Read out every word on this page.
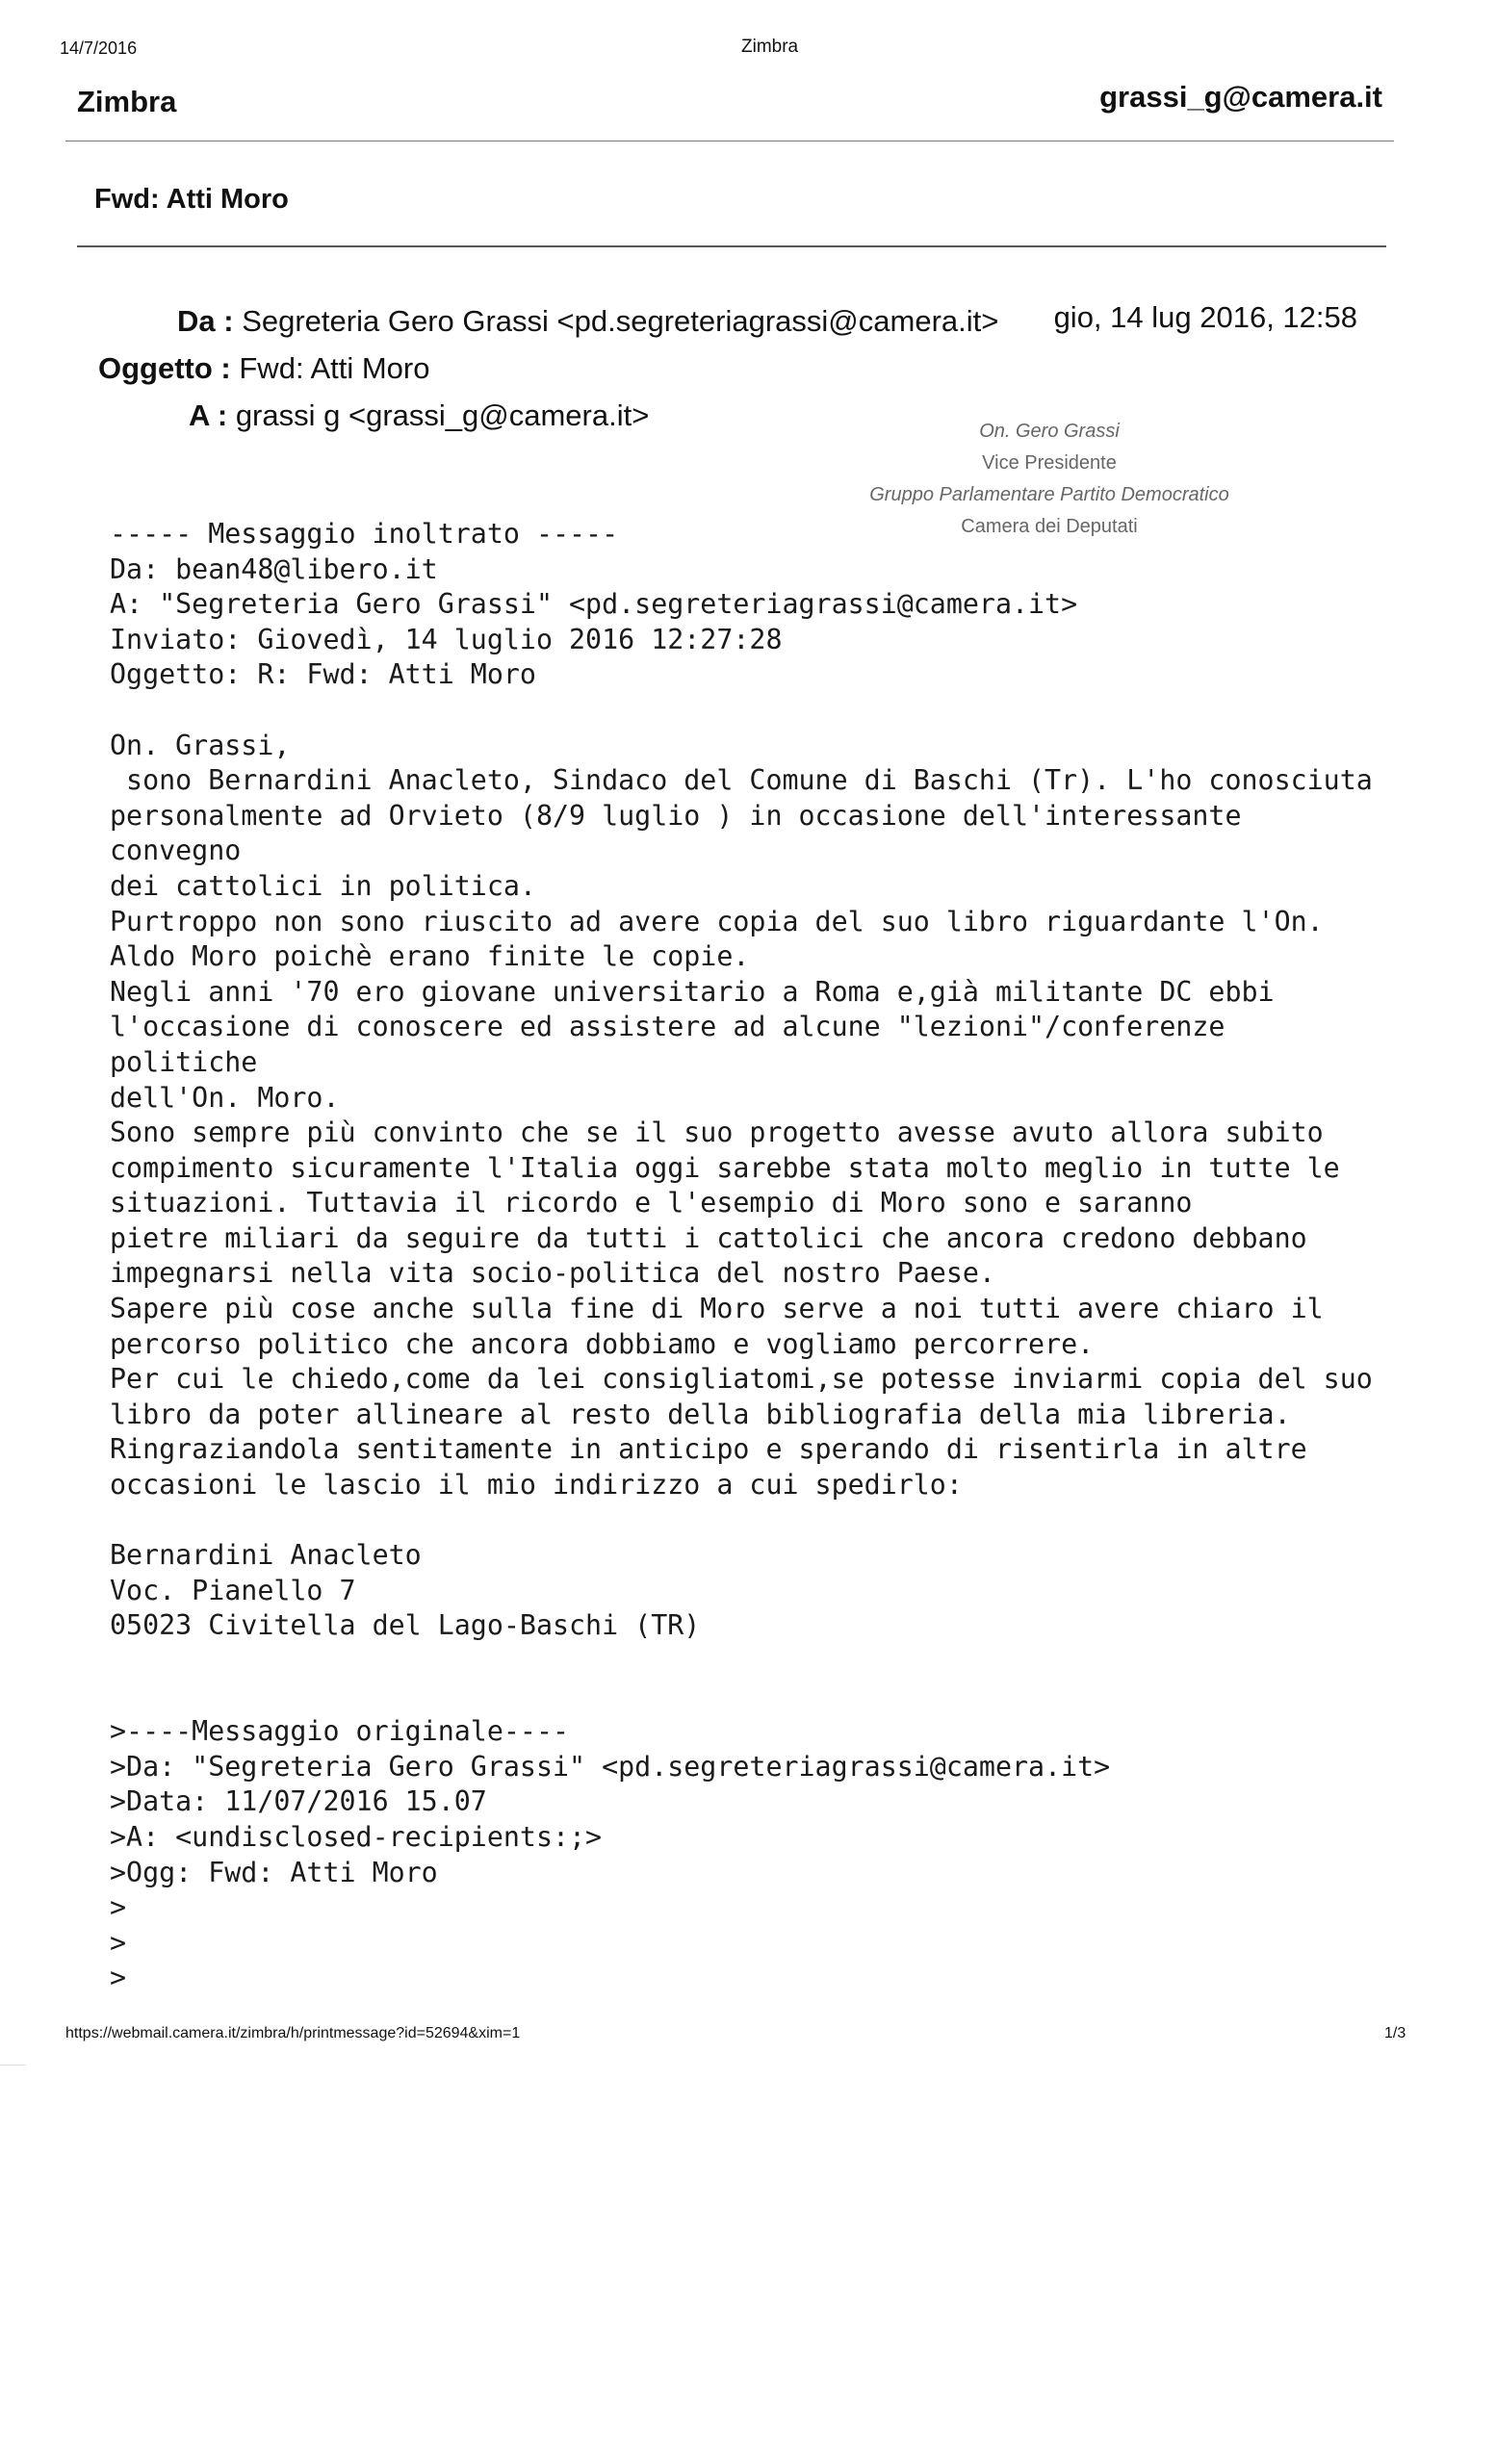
14/7/2016	Zimbra
Zimbra	grassi_g@camera.it
Fwd: Atti Moro
Da : Segreteria Gero Grassi <pd.segreteriagrassi@camera.it> gio, 14 lug 2016, 12:58
Oggetto : Fwd: Atti Moro
A : grassi g <grassi_g@camera.it>	On. Gero Grassi
Vice Presidente
Gruppo Parlamentare Partito Democratico
Camera dei Deputati
----- Messaggio inoltrato -----
Da: bean48@libero.it
A: "Segreteria Gero Grassi" <pd.segreteriagrassi@camera.it>
Inviato: Giovedì, 14 luglio 2016 12:27:28
Oggetto: R: Fwd: Atti Moro

On. Grassi,
sono Bernardini Anacleto, Sindaco del Comune di Baschi (Tr). L'ho conosciuta
personalmente ad Orvieto (8/9 luglio ) in occasione dell'interessante
convegno
dei cattolici in politica.
Purtroppo non sono riuscito ad avere copia del suo libro riguardante l'On.
Aldo Moro poichè erano finite le copie.
Negli anni '70 ero giovane universitario a Roma e,già militante DC ebbi
l'occasione di conoscere ed assistere ad alcune "lezioni"/conferenze
politiche
dell'On. Moro.
Sono sempre più convinto che se il suo progetto avesse avuto allora subito
compimento sicuramente l'Italia oggi sarebbe stata molto meglio in tutte le
situazioni. Tuttavia il ricordo e l'esempio di Moro sono e saranno
pietre miliari da seguire da tutti i cattolici che ancora credono debbano
impegnarsi nella vita socio-politica del nostro Paese.
Sapere più cose anche sulla fine di Moro serve a noi tutti avere chiaro il
percorso politico che ancora dobbiamo e vogliamo percorrere.
Per cui le chiedo,come da lei consigliatomi,se potesse inviarmi copia del suo
libro da poter allineare al resto della bibliografia della mia libreria.
Ringraziandola sentitamente in anticipo e sperando di risentirla in altre
occasioni le lascio il mio indirizzo a cui spedirlo:

Bernardini Anacleto
Voc. Pianello 7
05023 Civitella del Lago-Baschi (TR)

>----Messaggio originale----
>Da: "Segreteria Gero Grassi" <pd.segreteriagrassi@camera.it>
>Data: 11/07/2016 15.07
>A: <undisclosed-recipients:;>
>Ogg: Fwd: Atti Moro
>
>
>
https://webmail.camera.it/zimbra/h/printmessage?id=52694&xim=1	1/3
